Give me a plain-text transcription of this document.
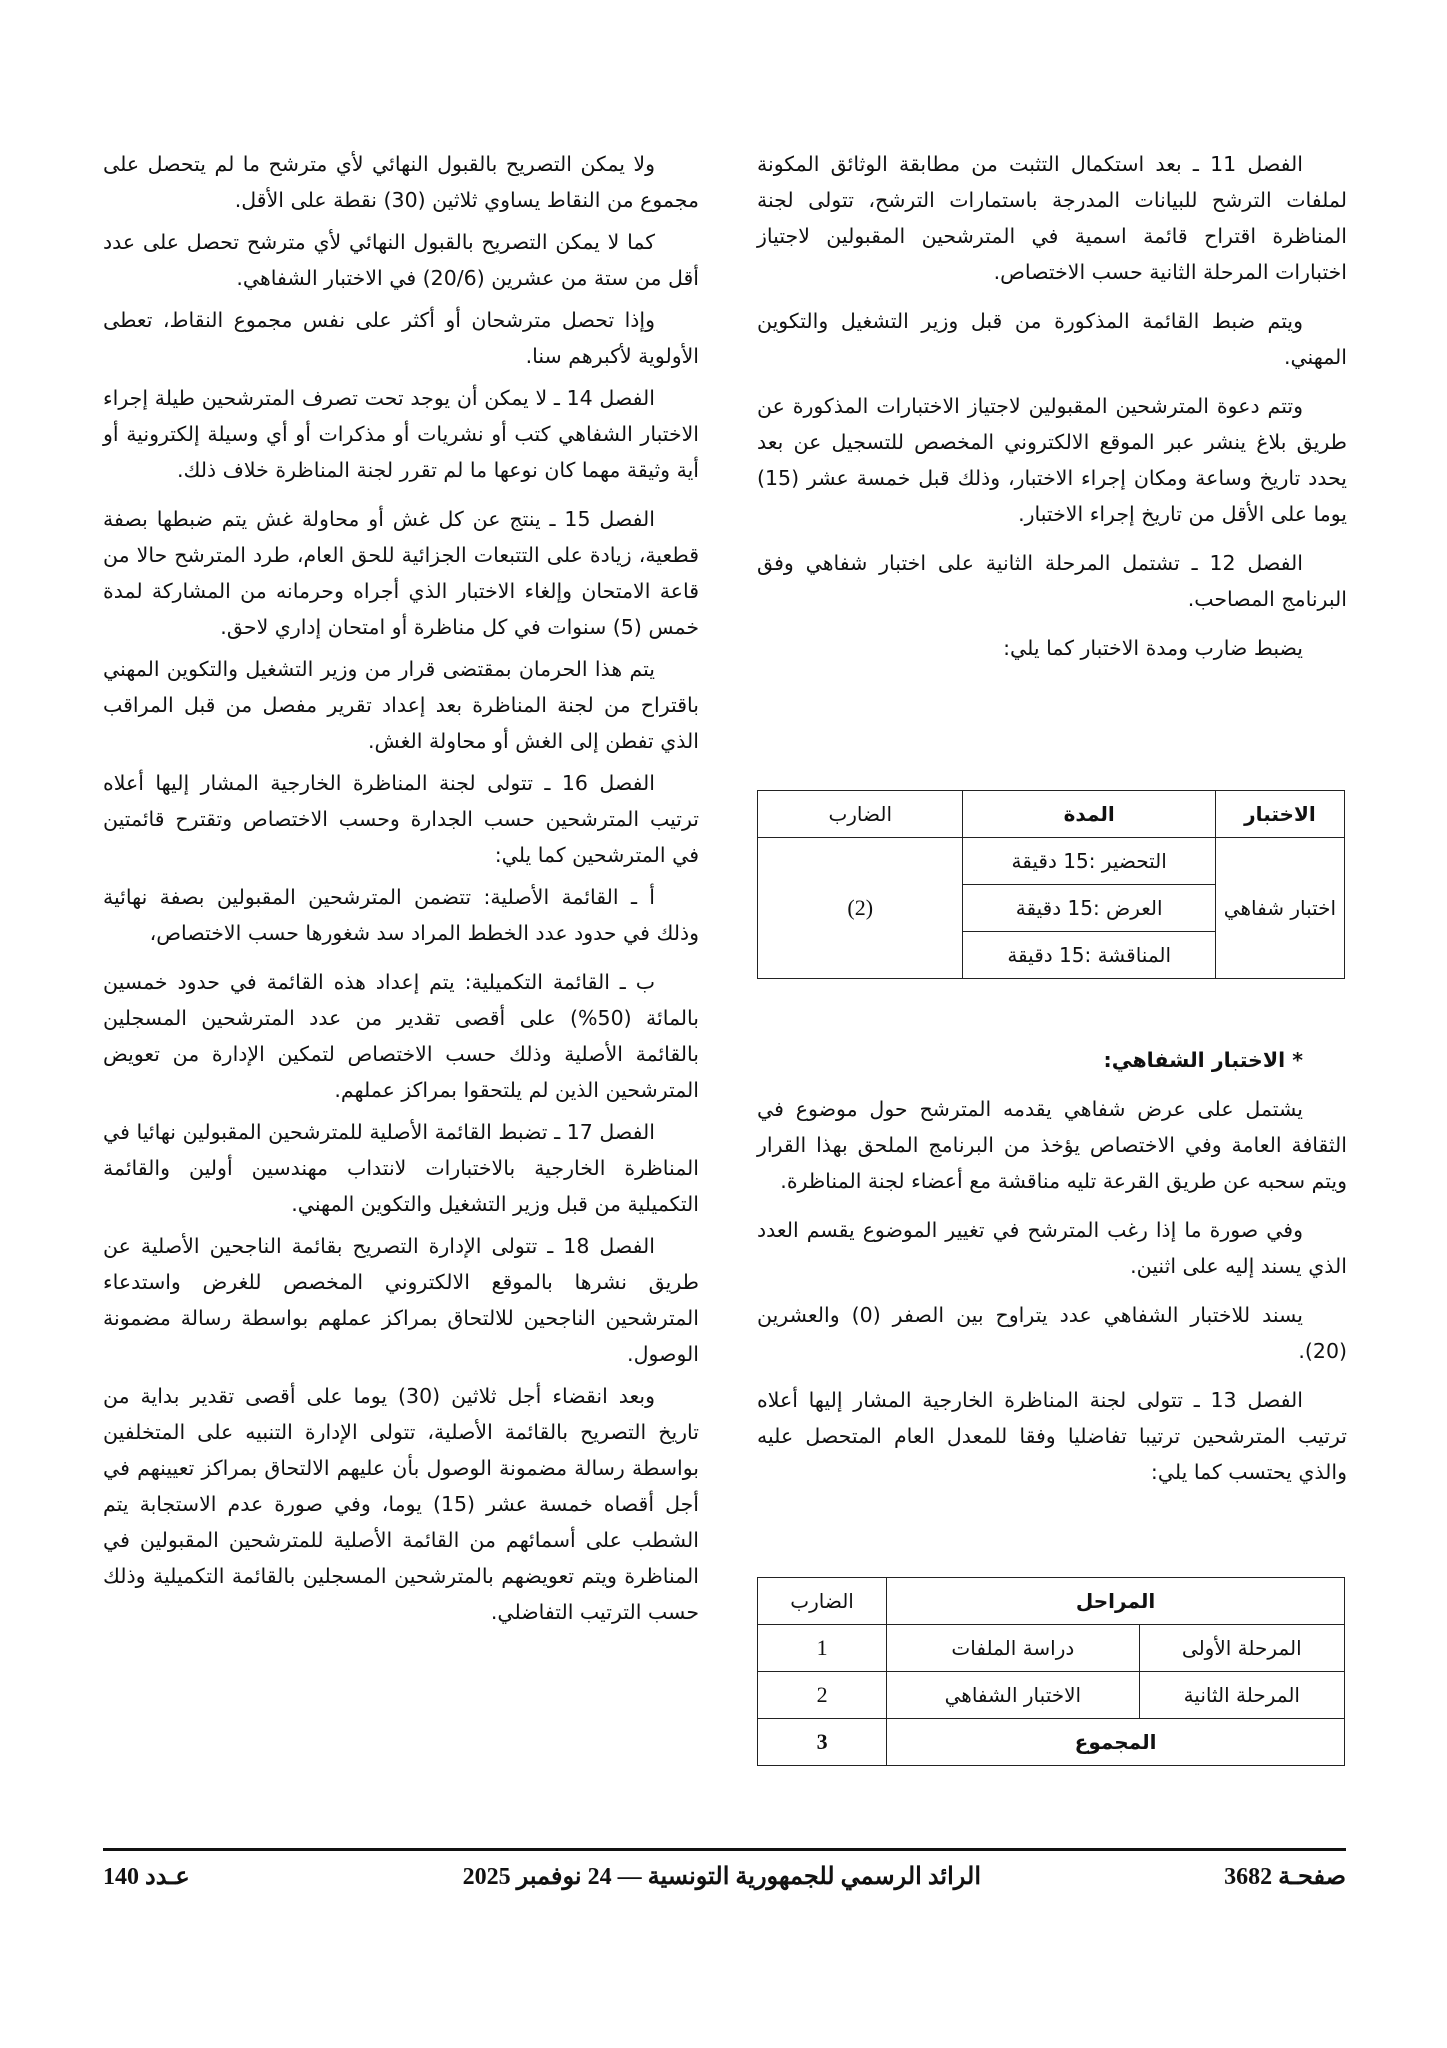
الفصل 11 ـ بعد استكمال التثبت من مطابقة الوثائق المكونة لملفات الترشح للبيانات المدرجة باستمارات الترشح، تتولى لجنة المناظرة اقتراح قائمة اسمية في المترشحين المقبولين لاجتياز اختبارات المرحلة الثانية حسب الاختصاص.

ويتم ضبط القائمة المذكورة من قبل وزير التشغيل والتكوين المهني.

وتتم دعوة المترشحين المقبولين لاجتياز الاختبارات المذكورة عن طريق بلاغ ينشر عبر الموقع الالكتروني المخصص للتسجيل عن بعد يحدد تاريخ وساعة ومكان إجراء الاختبار، وذلك قبل خمسة عشر (15) يوما على الأقل من تاريخ إجراء الاختبار.

الفصل 12 ـ تشتمل المرحلة الثانية على اختبار شفاهي وفق البرنامج المصاحب.

يضبط ضارب ومدة الاختبار كما يلي:

الاختبار	المدة	الضارب
اختبار شفاهي	التحضير :15 دقيقة	(2)
	العرض :15 دقيقة	
	المناقشة :15 دقيقة	

* الاختبار الشفاهي:

يشتمل على عرض شفاهي يقدمه المترشح حول موضوع في الثقافة العامة وفي الاختصاص يؤخذ من البرنامج الملحق بهذا القرار ويتم سحبه عن طريق القرعة تليه مناقشة مع أعضاء لجنة المناظرة.

وفي صورة ما إذا رغب المترشح في تغيير الموضوع يقسم العدد الذي يسند إليه على اثنين.

يسند للاختبار الشفاهي عدد يتراوح بين الصفر (0) والعشرين (20).

الفصل 13 ـ تتولى لجنة المناظرة الخارجية المشار إليها أعلاه ترتيب المترشحين ترتيبا تفاضليا وفقا للمعدل العام المتحصل عليه والذي يحتسب كما يلي:

المراحل		الضارب
المرحلة الأولى	دراسة الملفات	1
المرحلة الثانية	الاختبار الشفاهي	2
المجموع		3

ولا يمكن التصريح بالقبول النهائي لأي مترشح ما لم يتحصل على مجموع من النقاط يساوي ثلاثين (30) نقطة على الأقل.

كما لا يمكن التصريح بالقبول النهائي لأي مترشح تحصل على عدد أقل من ستة من عشرين (20/6) في الاختبار الشفاهي.

وإذا تحصل مترشحان أو أكثر على نفس مجموع النقاط، تعطى الأولوية لأكبرهم سنا.

الفصل 14 ـ لا يمكن أن يوجد تحت تصرف المترشحين طيلة إجراء الاختبار الشفاهي كتب أو نشريات أو مذكرات أو أي وسيلة إلكترونية أو أية وثيقة مهما كان نوعها ما لم تقرر لجنة المناظرة خلاف ذلك.

الفصل 15 ـ ينتج عن كل غش أو محاولة غش يتم ضبطها بصفة قطعية، زيادة على التتبعات الجزائية للحق العام، طرد المترشح حالا من قاعة الامتحان وإلغاء الاختبار الذي أجراه وحرمانه من المشاركة لمدة خمس (5) سنوات في كل مناظرة أو امتحان إداري لاحق.

يتم هذا الحرمان بمقتضى قرار من وزير التشغيل والتكوين المهني باقتراح من لجنة المناظرة بعد إعداد تقرير مفصل من قبل المراقب الذي تفطن إلى الغش أو محاولة الغش.

الفصل 16 ـ تتولى لجنة المناظرة الخارجية المشار إليها أعلاه ترتيب المترشحين حسب الجدارة وحسب الاختصاص وتقترح قائمتين في المترشحين كما يلي:

أ ـ القائمة الأصلية: تتضمن المترشحين المقبولين بصفة نهائية وذلك في حدود عدد الخطط المراد سد شغورها حسب الاختصاص،

ب ـ القائمة التكميلية: يتم إعداد هذه القائمة في حدود خمسين بالمائة (50%) على أقصى تقدير من عدد المترشحين المسجلين بالقائمة الأصلية وذلك حسب الاختصاص لتمكين الإدارة من تعويض المترشحين الذين لم يلتحقوا بمراكز عملهم.

الفصل 17 ـ تضبط القائمة الأصلية للمترشحين المقبولين نهائيا في المناظرة الخارجية بالاختبارات لانتداب مهندسين أولين والقائمة التكميلية من قبل وزير التشغيل والتكوين المهني.

الفصل 18 ـ تتولى الإدارة التصريح بقائمة الناجحين الأصلية عن طريق نشرها بالموقع الالكتروني المخصص للغرض واستدعاء المترشحين الناجحين للالتحاق بمراكز عملهم بواسطة رسالة مضمونة الوصول.

وبعد انقضاء أجل ثلاثين (30) يوما على أقصى تقدير بداية من تاريخ التصريح بالقائمة الأصلية، تتولى الإدارة التنبيه على المتخلفين بواسطة رسالة مضمونة الوصول بأن عليهم الالتحاق بمراكز تعيينهم في أجل أقصاه خمسة عشر (15) يوما، وفي صورة عدم الاستجابة يتم الشطب على أسمائهم من القائمة الأصلية للمترشحين المقبولين في المناظرة ويتم تعويضهم بالمترشحين المسجلين بالقائمة التكميلية وذلك حسب الترتيب التفاضلي.

صفحـة 3682
الرائد الرسمي للجمهورية التونسية — 24 نوفمبر 2025
عـدد 140
